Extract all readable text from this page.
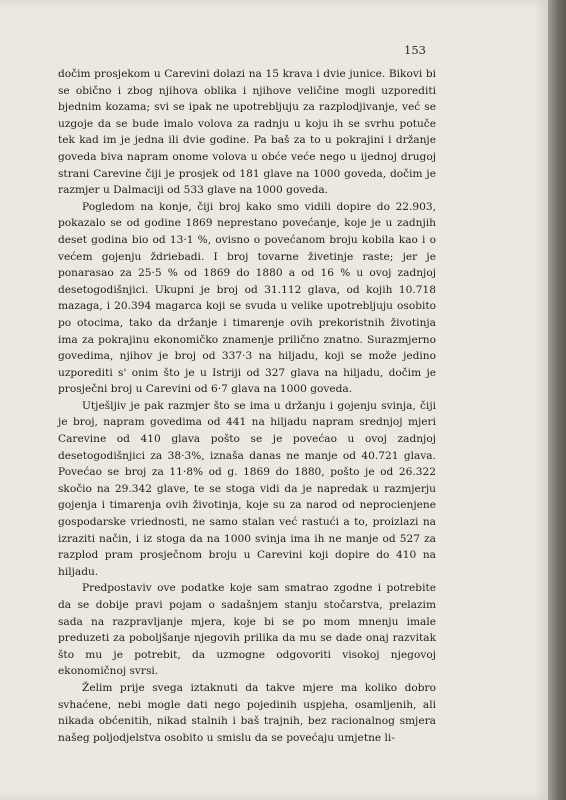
153

dočim prosjekom u Carevini dolazi na 15 krava i dvie junice. Bikovi bi se obično i zbog njihova oblika i njihove veličine mogli uzporediti bjednim kozama; svi se ipak ne upotrebljuju za razplodjivanje, već se uzgoje da se bude imalo volova za radnju u koju ih se svrhu potuče tek kad im je jedna ili dvie godine. Pa baš za to u pokrajini i držanje goveda biva napram onome volova u obće veće nego u ijednoj drugoj strani Carevine čiji je prosjek od 181 glave na 1000 goveda, dočim je razmjer u Dalmaciji od 533 glave na 1000 goveda.

Pogledom na konje, čiji broj kako smo vidili dopire do 22.903, pokazalo se od godine 1869 neprestano povećanje, koje je u zadnjih deset godina bio od 13·1 %, ovisno o povećanom broju kobila kao i o većem gojenju ždriebadi. I broj tovarne živetinje raste; jer je ponarasao za 25·5 % od 1869 do 1880 a od 16 % u ovoj zadnjoj desetogodišnjici. Ukupni je broj od 31.112 glava, od kojih 10.718 mazaga, i 20.394 magarca koji se svuda u velike upotrebljuju osobito po otocima, tako da držanje i timarenje ovih prekoristnih životinja ima za pokrajinu ekonomičko znamenje prilično znatno. Surazmjerno govedima, njihov je broj od 337·3 na hiljadu, koji se može jedino uzporediti s' onim što je u Istriji od 327 glava na hiljadu, dočim je prosječni broj u Carevini od 6·7 glava na 1000 goveda.

Utješljiv je pak razmjer što se ima u držanju i gojenju svinja, čiji je broj, napram govedima od 441 na hiljadu napram srednjoj mjeri Carevine od 410 glava pošto se je povećao u ovoj zadnjoj desetogodišnjici za 38·3%, iznaša danas ne manje od 40.721 glava. Povećao se broj za 11·8% od g. 1869 do 1880, pošto je od 26.322 skočio na 29.342 glave, te se stoga vidi da je napredak u razmjerju gojenja i timarenja ovih životinja, koje su za narod od neprocienjene gospodarske vriednosti, ne samo stalan već rastući a to, proizlazi na izraziti način, i iz stoga da na 1000 svinja ima ih ne manje od 527 za razplod pram prosječnom broju u Carevini koji dopire do 410 na hiljadu.

Predpostaviv ove podatke koje sam smatrao zgodne i potrebite da se dobije pravi pojam o sadašnjem stanju stočarstva, prelazim sada na razpravljanje mjera, koje bi se po mom mnenju imale preduzeti za poboljšanje njegovih prilika da mu se dade onaj razvitak što mu je potrebit, da uzmogne odgovoriti visokoj njegovoj ekonomičnoj svrsi.

Želim prije svega iztaknuti da takve mjere ma koliko dobro svhaćene, nebi mogle dati nego pojedinih uspjeha, osamljenih, ali nikada obćenitih, nikad stalnih i baš trajnih, bez racionalnog smjera našeg poljodjelstva osobito u smislu da se povećaju umjetne li-
